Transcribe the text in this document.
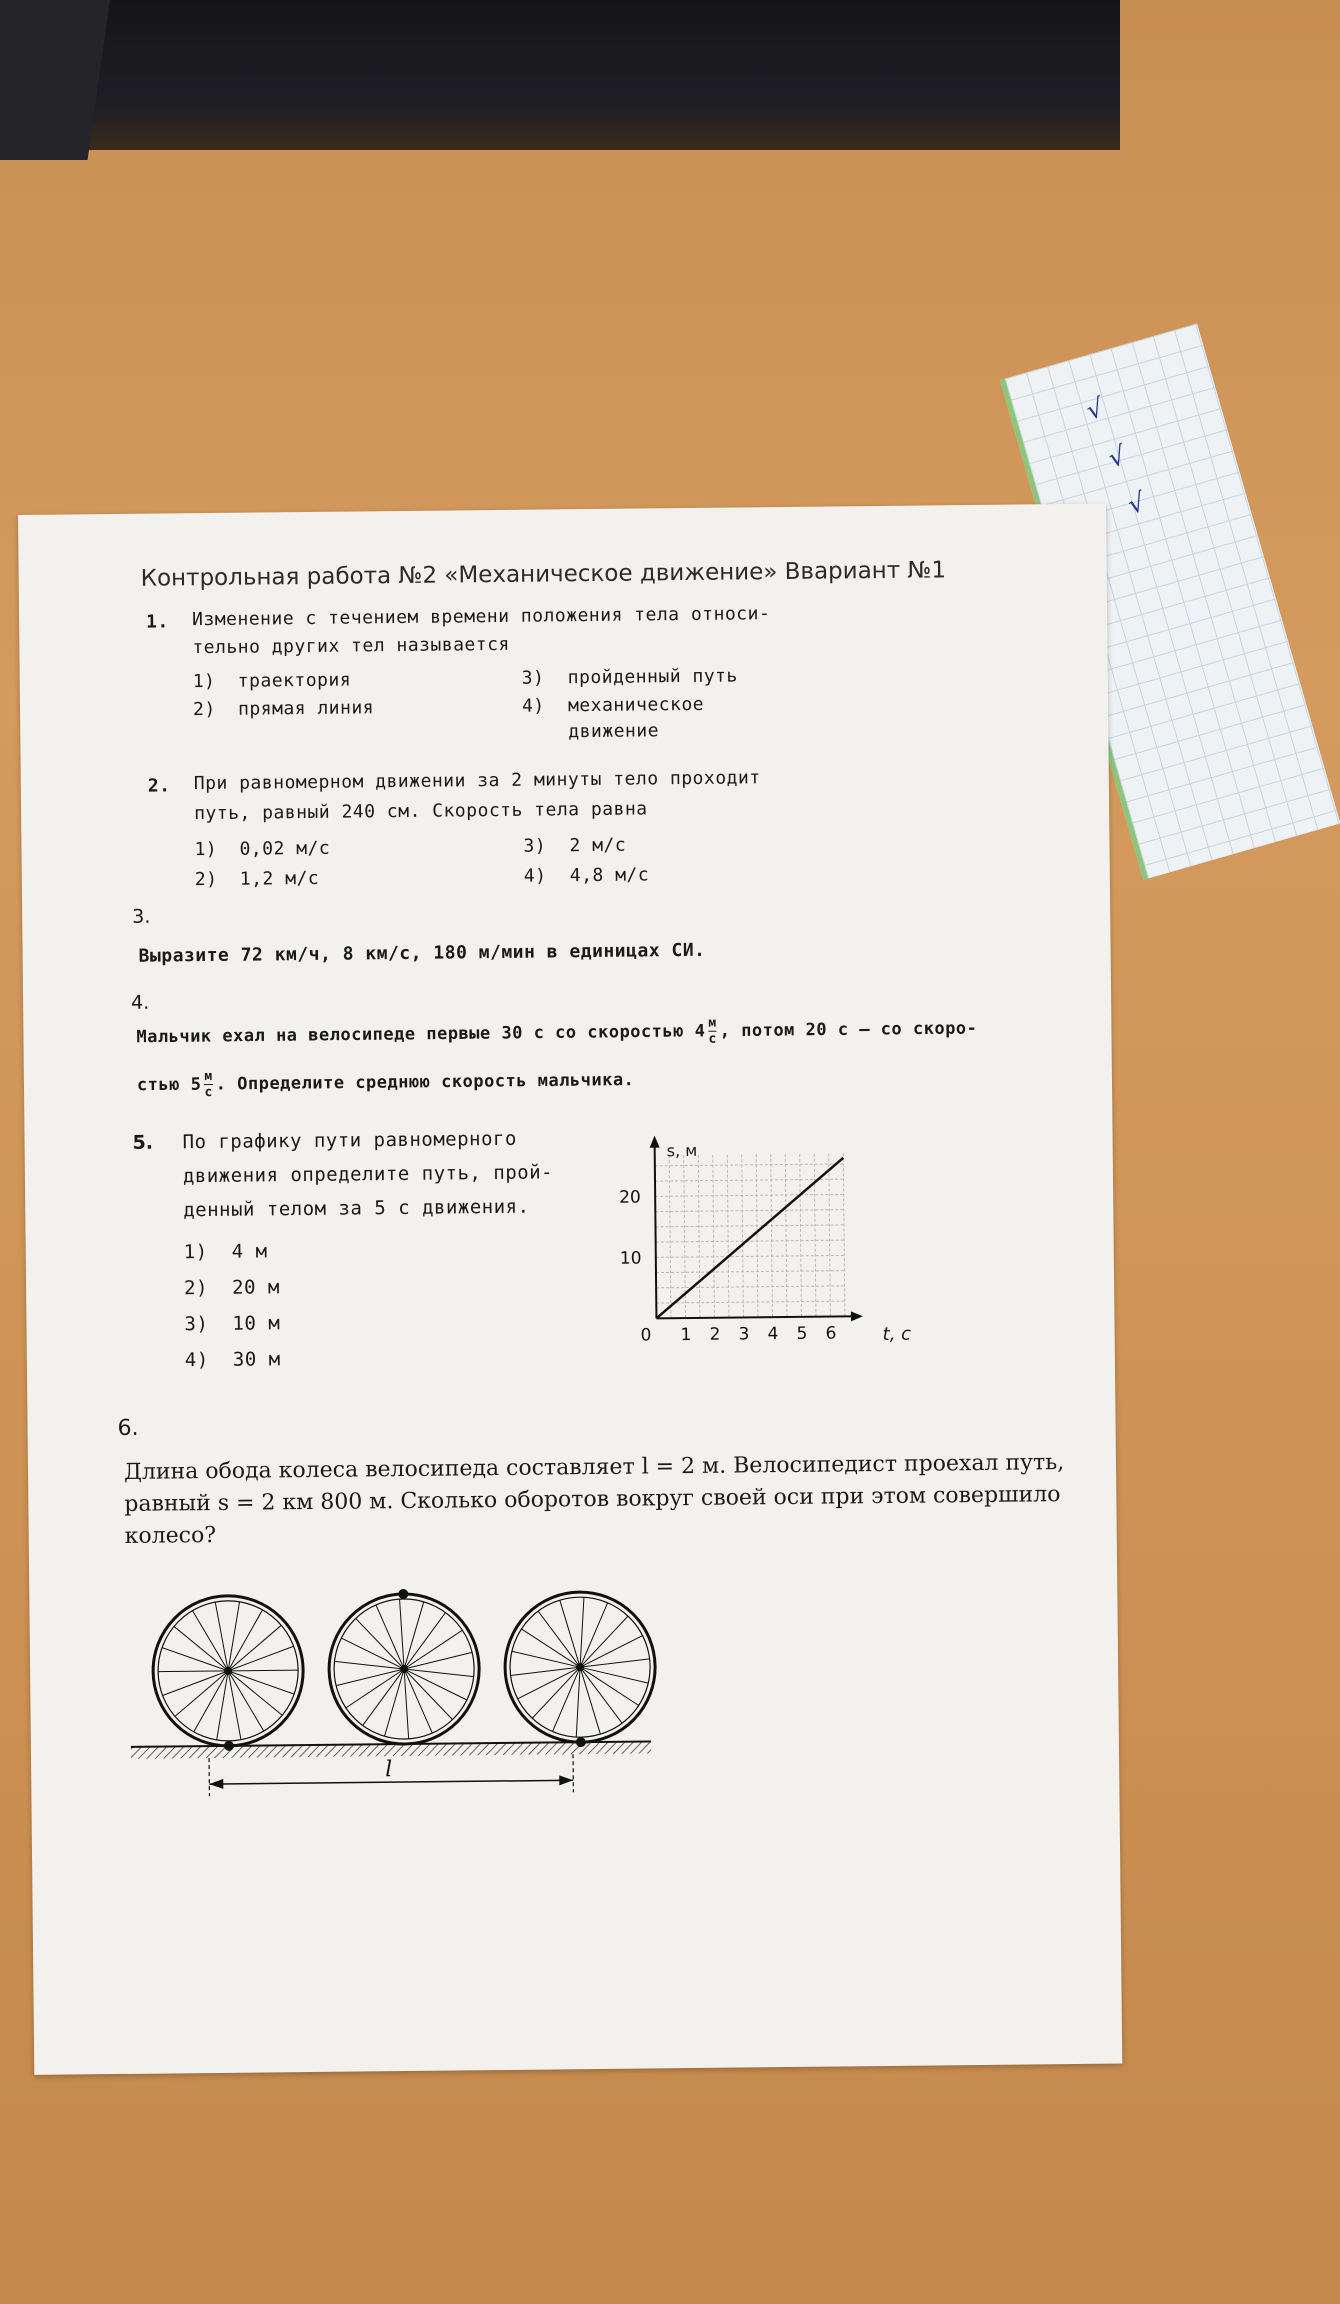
√
√
√
Контрольная работа №2 «Механическое движение» Ввариант №1
1. Изменение с течением времени положения тела относи-
тельно других тел называется
1) траектория
2) прямая линия
3) пройденный путь
4) механическое
движение
2. При равномерном движении за 2 минуты тело проходит
путь, равный 240 см. Скорость тела равна
1) 0,02 м/с
2) 1,2 м/с
3) 2 м/с
4) 4,8 м/с
3.
Выразите 72 км/ч, 8 км/с, 180 м/мин в единицах СИ.
4.
Мальчик ехал на велосипеде первые 30 с со скоростью $4 \frac{м}{с}$ , потом 20 с — со скоро-
стью $5 \frac{м}{с}$ . Определите среднюю скорость мальчика.
5. По графику пути равномерного
движения определите путь, прой-
денный телом за 5 с движения.
1) 4 м
2) 20 м
3) 10 м
4) 30 м
0 1 2 3 4 5 6
10
20
s, м
t, с
6.
Длина обода колеса велосипеда составляет l = 2 м. Велосипедист проехал путь,
равный s = 2 км 800 м. Сколько оборотов вокруг своей оси при этом совершило
колесо?
l
